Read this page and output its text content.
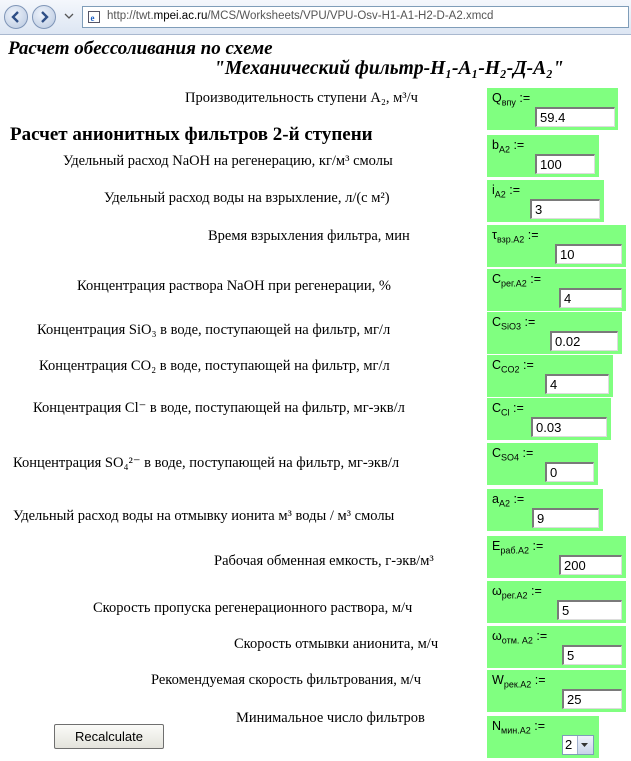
e http://twt.mpei.ac.ru/MCS/Worksheets/VPU/VPU-Osv-H1-A1-H2-D-A2.xmcd
Расчет обессоливания по схеме
"Механический фильтр-Н₁-А₁-Н₂-Д-А₂"
Расчет анионитных фильтров 2-й ступени
Производительность ступени А₂, м³/ч
Удельный расход NaOH на регенерацию, кг/м³ смолы
Удельный расход воды на взрыхление, л/(с м²)
Время взрыхления фильтра, мин
Концентрация раствора NaOH при регенерации, %
Концентрация SiO₃ в воде, поступающей на фильтр, мг/л
Концентрация CO₂ в воде, поступающей на фильтр, мг/л
Концентрация Cl⁻ в воде, поступающей на фильтр, мг-экв/л
Концентрация SO₄²⁻ в воде, поступающей на фильтр, мг-экв/л
Удельный расход воды на отмывку ионита м³ воды / м³ смолы
Рабочая обменная емкость, г-экв/м³
Скорость пропуска регенерационного раствора, м/ч
Скорость отмывки анионита, м/ч
Рекомендуемая скорость фильтрования, м/ч
Минимальное число фильтров
$Q_{впу}$ :=
59.4
$b_{A2}$ :=
100
$i_{A2}$ :=
3
$\tau_{взр.A2}$ :=
10
$C_{рег.A2}$ :=
4
$C_{SiO3}$ :=
0.02
$C_{CO2}$ :=
4
$C_{Cl}$ :=
0.03
$C_{SO4}$ :=
0
$a_{A2}$ :=
9
$E_{раб.A2}$ :=
200
$\omega_{рег.A2}$ :=
5
$\omega_{отм. A2}$ :=
5
$W_{рек.A2}$ :=
25
$N_{мин.A2}$ :=
2
Recalculate
